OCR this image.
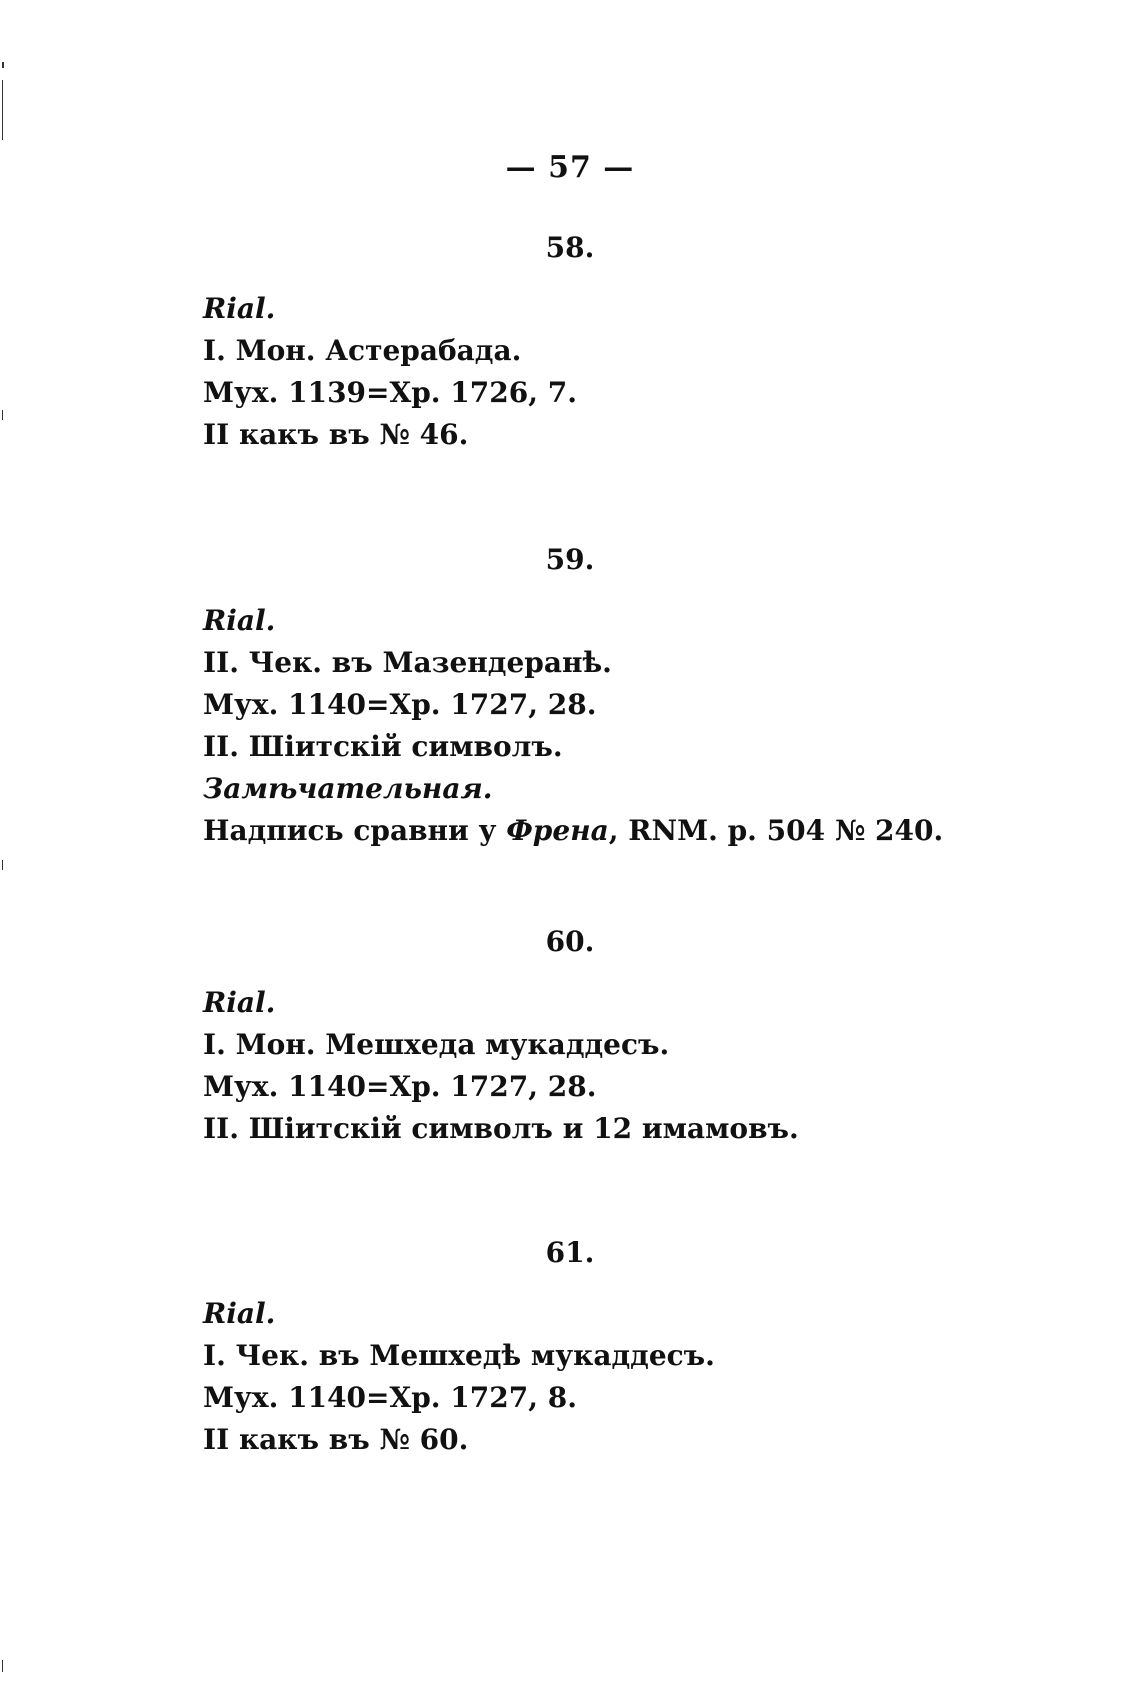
— 57 —
58.
Rial.
I. Мон. Астерабада.
Мух. 1139=Хр. 1726, 7.
II какъ въ № 46.
59.
Rial.
II. Чек. въ Мазендеранѣ.
Мух. 1140=Хр. 1727, 28.
II. Шiитскiй символъ.
Замѣчательная.
Надпись сравни у Френа, RNM. p. 504 № 240.
60.
Rial.
I. Мон. Мешхеда мукаддесъ.
Мух. 1140=Хр. 1727, 28.
II. Шiитскiй символъ и 12 имамовъ.
61.
Rial.
I. Чек. въ Мешхедѣ мукаддесъ.
Мух. 1140=Хр. 1727, 8.
II какъ въ № 60.
